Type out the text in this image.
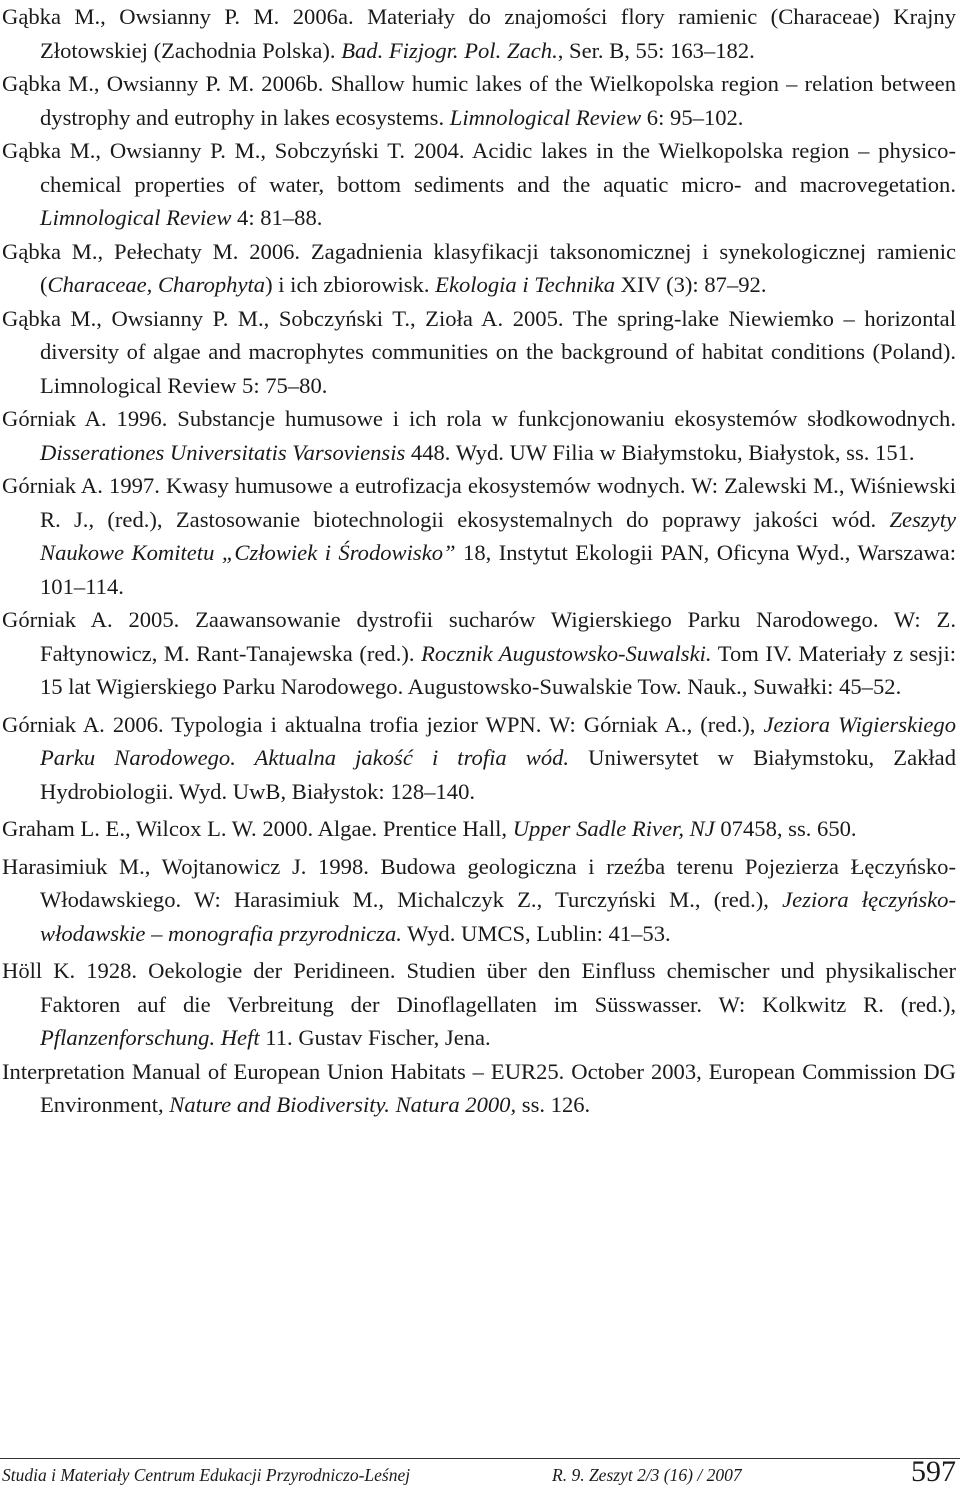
Gąbka M., Owsianny P. M. 2006a. Materiały do znajomości flory ramienic (Characeae) Krajny Złotowskiej (Zachodnia Polska). Bad. Fizjogr. Pol. Zach., Ser. B, 55: 163–182.
Gąbka M., Owsianny P. M. 2006b. Shallow humic lakes of the Wielkopolska region – relation between dystrophy and eutrophy in lakes ecosystems. Limnological Review 6: 95–102.
Gąbka M., Owsianny P. M., Sobczyński T. 2004. Acidic lakes in the Wielkopolska region – physico-chemical properties of water, bottom sediments and the aquatic micro- and macrovegetation. Limnological Review 4: 81–88.
Gąbka M., Pełechaty M. 2006. Zagadnienia klasyfikacji taksonomicznej i synekologicznej ramienic (Characeae, Charophyta) i ich zbiorowisk. Ekologia i Technika XIV (3): 87–92.
Gąbka M., Owsianny P. M., Sobczyński T., Zioła A. 2005. The spring-lake Niewiemko – horizontal diversity of algae and macrophytes communities on the background of habitat conditions (Poland). Limnological Review 5: 75–80.
Górniak A. 1996. Substancje humusowe i ich rola w funkcjonowaniu ekosystemów słodkowodnych. Disserationes Universitatis Varsoviensis 448. Wyd. UW Filia w Białymstoku, Białystok, ss. 151.
Górniak A. 1997. Kwasy humusowe a eutrofizacja ekosystemów wodnych. W: Zalewski M., Wiśniewski R. J., (red.), Zastosowanie biotechnologii ekosystemalnych do poprawy jakości wód. Zeszyty Naukowe Komitetu „Człowiek i Środowisko” 18, Instytut Ekologii PAN, Oficyna Wyd., Warszawa: 101–114.
Górniak A. 2005. Zaawansowanie dystrofii sucharów Wigierskiego Parku Narodowego. W: Z. Fałtynowicz, M. Rant-Tanajewska (red.). Rocznik Augustowsko-Suwalski. Tom IV. Materiały z sesji: 15 lat Wigierskiego Parku Narodowego. Augustowsko-Suwalskie Tow. Nauk., Suwałki: 45–52.
Górniak A. 2006. Typologia i aktualna trofia jezior WPN. W: Górniak A., (red.), Jeziora Wigierskiego Parku Narodowego. Aktualna jakość i trofia wód. Uniwersytet w Białymstoku, Zakład Hydrobiologii. Wyd. UwB, Białystok: 128–140.
Graham L. E., Wilcox L. W. 2000. Algae. Prentice Hall, Upper Sadle River, NJ 07458, ss. 650.
Harasimiuk M., Wojtanowicz J. 1998. Budowa geologiczna i rzeźba terenu Pojezierza Łęczyńsko-Włodawskiego. W: Harasimiuk M., Michalczyk Z., Turczyński M., (red.), Jeziora łęczyńsko-włodawskie – monografia przyrodnicza. Wyd. UMCS, Lublin: 41–53.
Höll K. 1928. Oekologie der Peridineen. Studien über den Einfluss chemischer und physikalischer Faktoren auf die Verbreitung der Dinoflagellaten im Süsswasser. W: Kolkwitz R. (red.), Pflanzenforschung. Heft 11. Gustav Fischer, Jena.
Interpretation Manual of European Union Habitats – EUR25. October 2003, European Commission DG Environment, Nature and Biodiversity. Natura 2000, ss. 126.
Studia i Materiały Centrum Edukacji Przyrodniczo-Leśnej	R. 9. Zeszyt 2/3 (16) / 2007	597
